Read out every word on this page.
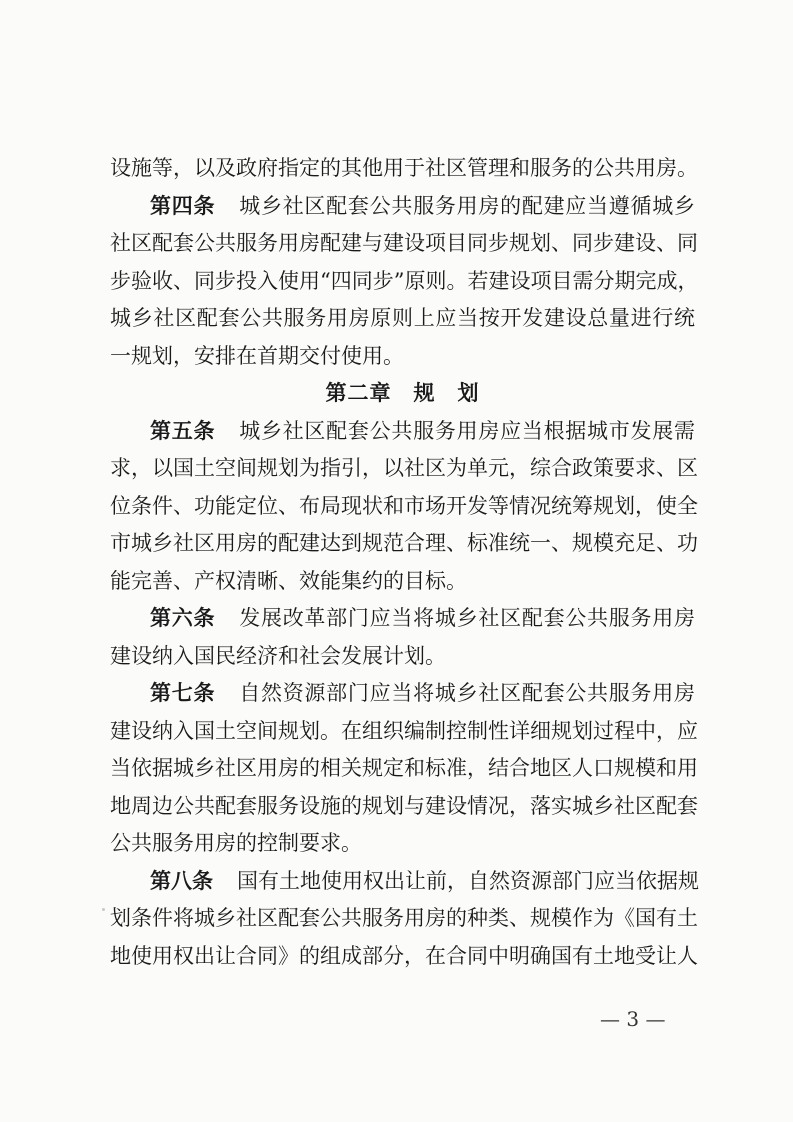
设施等，以及政府指定的其他用于社区管理和服务的公共用房。
第四条 城乡社区配套公共服务用房的配建应当遵循城乡
社区配套公共服务用房配建与建设项目同步规划、同步建设、同
步验收、同步投入使用“四同步”原则。若建设项目需分期完成，
城乡社区配套公共服务用房原则上应当按开发建设总量进行统
一规划，安排在首期交付使用。
第二章　规　划
第五条 城乡社区配套公共服务用房应当根据城市发展需
求，以国土空间规划为指引，以社区为单元，综合政策要求、区
位条件、功能定位、布局现状和市场开发等情况统筹规划，使全
市城乡社区用房的配建达到规范合理、标准统一、规模充足、功
能完善、产权清晰、效能集约的目标。
第六条 发展改革部门应当将城乡社区配套公共服务用房
建设纳入国民经济和社会发展计划。
第七条 自然资源部门应当将城乡社区配套公共服务用房
建设纳入国土空间规划。在组织编制控制性详细规划过程中，应
当依据城乡社区用房的相关规定和标准，结合地区人口规模和用
地周边公共配套服务设施的规划与建设情况，落实城乡社区配套
公共服务用房的控制要求。
第八条 国有土地使用权出让前，自然资源部门应当依据规
划条件将城乡社区配套公共服务用房的种类、规模作为《国有土
地使用权出让合同》的组成部分，在合同中明确国有土地受让人
— 3 —
